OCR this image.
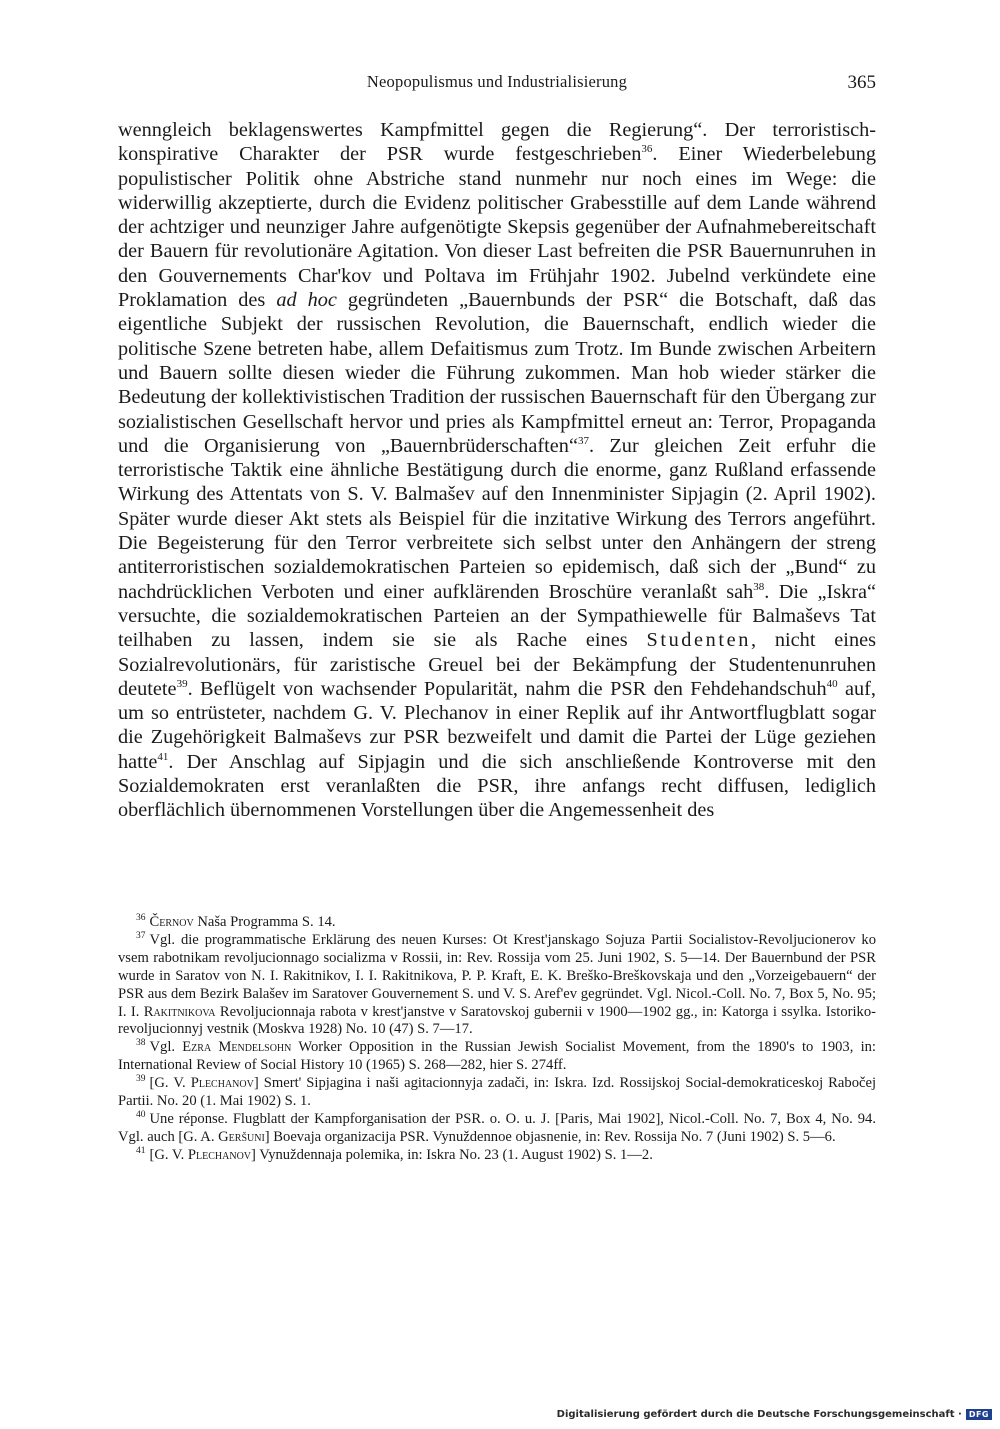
Neopopulismus und Industrialisierung	365

wenngleich beklagenswertes Kampfmittel gegen die Regierung“. Der terroristisch-konspirative Charakter der PSR wurde festgeschrieben$^{36}$. Einer Wiederbelebung populistischer Politik ohne Abstriche stand nunmehr nur noch eines im Wege: die widerwillig akzeptierte, durch die Evidenz politischer Grabesstille auf dem Lande während der achtziger und neunziger Jahre aufgenötigte Skepsis gegenüber der Aufnahmebereitschaft der Bauern für revolutionäre Agitation. Von dieser Last befreiten die PSR Bauernunruhen in den Gouvernements Char'kov und Poltava im Frühjahr 1902. Jubelnd verkündete eine Proklamation des ad hoc gegründeten „Bauernbunds der PSR“ die Botschaft, daß das eigentliche Subjekt der russischen Revolution, die Bauernschaft, endlich wieder die politische Szene betreten habe, allem Defaitismus zum Trotz. Im Bunde zwischen Arbeitern und Bauern sollte diesen wieder die Führung zukommen. Man hob wieder stärker die Bedeutung der kollektivistischen Tradition der russischen Bauernschaft für den Übergang zur sozialistischen Gesellschaft hervor und pries als Kampfmittel erneut an: Terror, Propaganda und die Organisierung von „Bauernbrüderschaften“$^{37}$. Zur gleichen Zeit erfuhr die terroristische Taktik eine ähnliche Bestätigung durch die enorme, ganz Rußland erfassende Wirkung des Attentats von S. V. Balmašev auf den Innenminister Sipjagin (2. April 1902). Später wurde dieser Akt stets als Beispiel für die inzitative Wirkung des Terrors angeführt. Die Begeisterung für den Terror verbreitete sich selbst unter den Anhängern der streng antiterroristischen sozialdemokratischen Parteien so epidemisch, daß sich der „Bund“ zu nachdrücklichen Verboten und einer aufklärenden Broschüre veranlaßt sah$^{38}$. Die „Iskra“ versuchte, die sozialdemokratischen Parteien an der Sympathiewelle für Balmaševs Tat teilhaben zu lassen, indem sie sie als Rache eines Studenten, nicht eines Sozialrevolutionärs, für zaristische Greuel bei der Bekämpfung der Studentenunruhen deutete$^{39}$. Beflügelt von wachsender Popularität, nahm die PSR den Fehdehandschuh$^{40}$ auf, um so entrüsteter, nachdem G. V. Plechanov in einer Replik auf ihr Antwortflugblatt sogar die Zugehörigkeit Balmaševs zur PSR bezweifelt und damit die Partei der Lüge geziehen hatte$^{41}$. Der Anschlag auf Sipjagin und die sich anschließende Kontroverse mit den Sozialdemokraten erst veranlaßten die PSR, ihre anfangs recht diffusen, lediglich oberflächlich übernommenen Vorstellungen über die Angemessenheit des

$^{36}$ Černov Naša Programma S. 14.

$^{37}$ Vgl. die programmatische Erklärung des neuen Kurses: Ot Krest'janskago Sojuza Partii Socialistov-Revoljucionerov ko vsem rabotnikam revoljucionnago socializma v Rossii, in: Rev. Rossija vom 25. Juni 1902, S. 5—14. Der Bauernbund der PSR wurde in Saratov von N. I. Rakitnikov, I. I. Rakitnikova, P. P. Kraft, E. K. Breško-Breškovskaja und den „Vorzeigebauern“ der PSR aus dem Bezirk Balašev im Saratover Gouvernement S. und V. S. Aref'ev gegründet. Vgl. Nicol.-Coll. No. 7, Box 5, No. 95; I. I. Rakitnikova Revoljucionnaja rabota v krest'janstve v Saratovskoj gubernii v 1900—1902 gg., in: Katorga i ssylka. Istoriko-revoljucionnyj vestnik (Moskva 1928) No. 10 (47) S. 7—17.

$^{38}$ Vgl. Ezra Mendelsohn Worker Opposition in the Russian Jewish Socialist Movement, from the 1890's to 1903, in: International Review of Social History 10 (1965) S. 268—282, hier S. 274ff.

$^{39}$ [G. V. Plechanov] Smert' Sipjagina i naši agitacionnyja zadači, in: Iskra. Izd. Rossijskoj Social-demokraticeskoj Rabočej Partii. No. 20 (1. Mai 1902) S. 1.

$^{40}$ Une réponse. Flugblatt der Kampforganisation der PSR. o. O. u. J. [Paris, Mai 1902], Nicol.-Coll. No. 7, Box 4, No. 94. Vgl. auch [G. A. Geršuni] Boevaja organizacija PSR. Vynuždennoe objasnenie, in: Rev. Rossija No. 7 (Juni 1902) S. 5—6.

$^{41}$ [G. V. Plechanov] Vynuždennaja polemika, in: Iskra No. 23 (1. August 1902) S. 1—2.

Digitalisierung gefördert durch die Deutsche Forschungsgemeinschaft · DFG
